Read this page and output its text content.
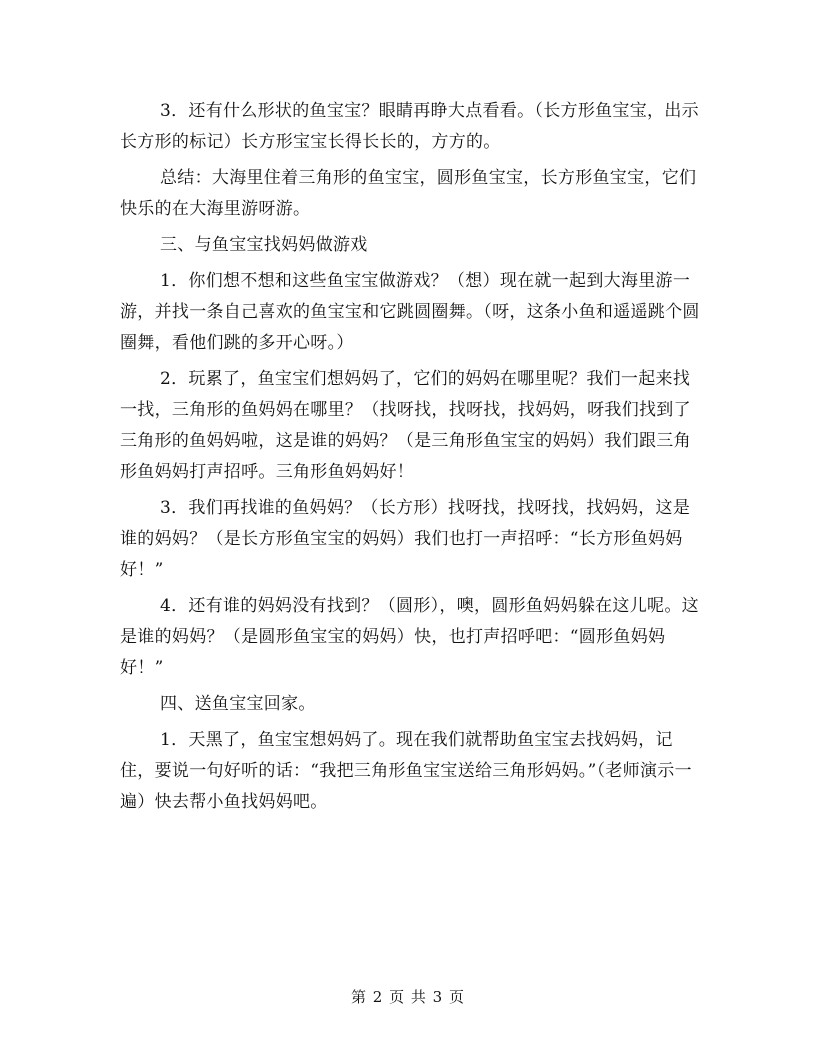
3．还有什么形状的鱼宝宝？眼睛再睁大点看看。（长方形鱼宝宝，出示长方形的标记）长方形宝宝长得长长的，方方的。

总结：大海里住着三角形的鱼宝宝，圆形鱼宝宝，长方形鱼宝宝，它们快乐的在大海里游呀游。

三、与鱼宝宝找妈妈做游戏

1．你们想不想和这些鱼宝宝做游戏？（想）现在就一起到大海里游一游，并找一条自己喜欢的鱼宝宝和它跳圆圈舞。（呀，这条小鱼和遥遥跳个圆圈舞，看他们跳的多开心呀。）

2．玩累了，鱼宝宝们想妈妈了，它们的妈妈在哪里呢？我们一起来找一找，三角形的鱼妈妈在哪里？（找呀找，找呀找，找妈妈，呀我们找到了三角形的鱼妈妈啦，这是谁的妈妈？（是三角形鱼宝宝的妈妈）我们跟三角形鱼妈妈打声招呼。三角形鱼妈妈好！

3．我们再找谁的鱼妈妈？（长方形）找呀找，找呀找，找妈妈，这是谁的妈妈？（是长方形鱼宝宝的妈妈）我们也打一声招呼：“长方形鱼妈妈好！”

4．还有谁的妈妈没有找到？（圆形），噢，圆形鱼妈妈躲在这儿呢。这是谁的妈妈？（是圆形鱼宝宝的妈妈）快，也打声招呼吧：“圆形鱼妈妈好！”

四、送鱼宝宝回家。

1．天黑了，鱼宝宝想妈妈了。现在我们就帮助鱼宝宝去找妈妈，记住，要说一句好听的话：“我把三角形鱼宝宝送给三角形妈妈。”（老师演示一遍）快去帮小鱼找妈妈吧。

第 2 页 共 3 页
